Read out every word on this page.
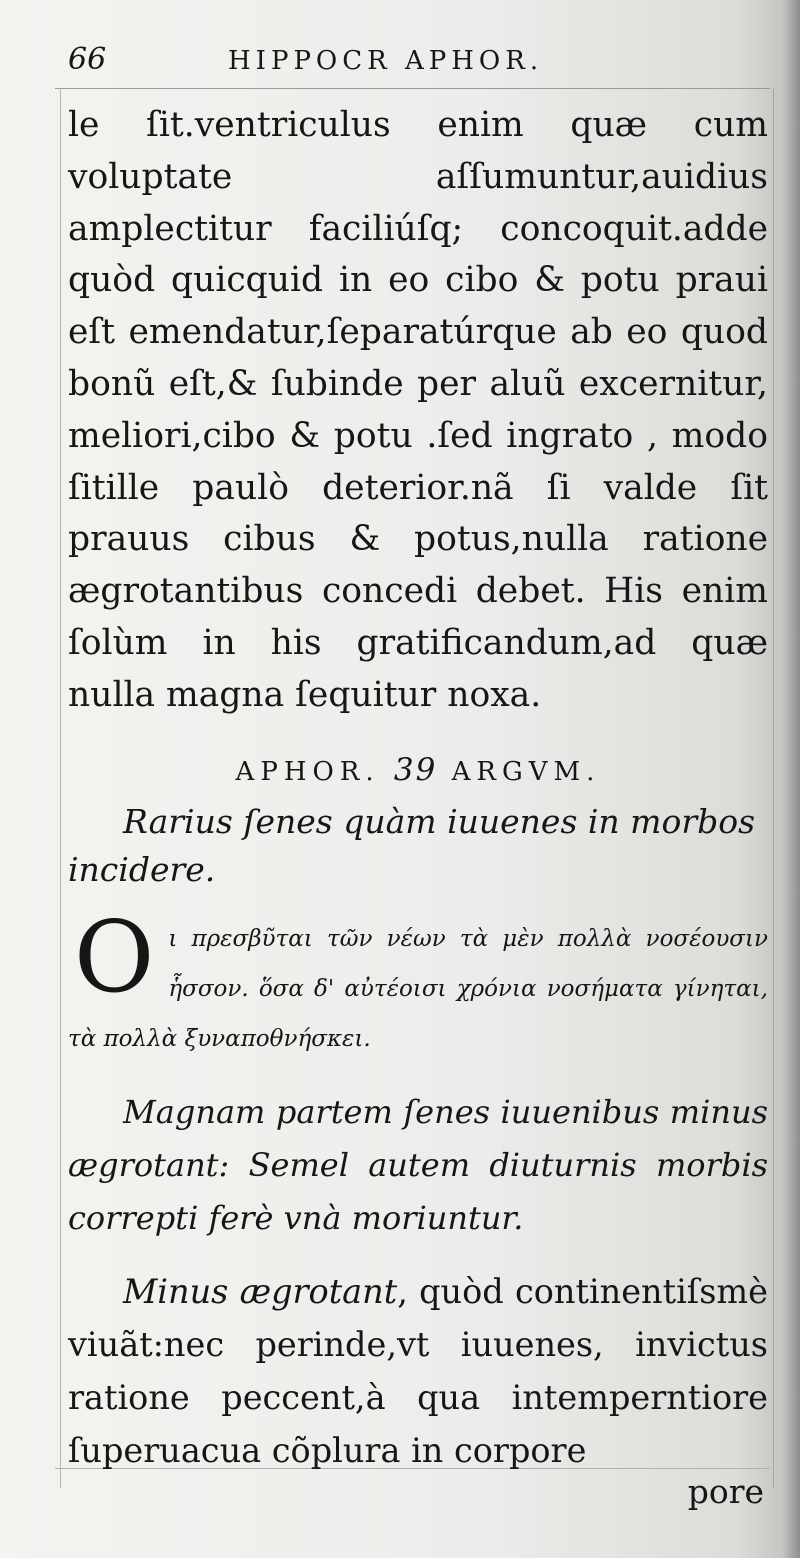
66	HIPPOCR APHOR.

le ſit.ventriculus enim quæ cum voluptate aſſumuntur,auidius amplectitur faciliúſq; concoquit.adde quòd quicquid in eo cibo & potu praui eſt emendatur,ſeparatúrque ab eo quod bonũ eſt,& ſubinde per aluũ excernitur, meliori,cibo & potu .ſed ingrato , modo ſitille paulò deterior.nã ſi valde ſit prauus cibus & potus,nulla ratione ægrotantibus concedi debet. His enim ſolùm in his gratificandum,ad quæ nulla magna ſequitur noxa.

APHOR. 39 ARGVM.

Rarius ſenes quàm iuuenes in morbos incidere.

O ι πρεσβῦται τῶν νέων τὰ μὲν πολλὰ νοσέουσιν ἧσσον. ὅσα δ' αὐτέοισι χρόνια νοσήματα γίνηται, τὰ πολλὰ ξυναποθνήσκει.

Magnam partem ſenes iuuenibus minus ægrotant: Semel autem diuturnis morbis correpti ferè vnà moriuntur.

Minus ægrotant, quòd continentiſsmè viuãt:nec perinde,vt iuuenes, invictus ratione peccent,à qua intemperntiore ſuperuacua cõplura in corpore

pore
